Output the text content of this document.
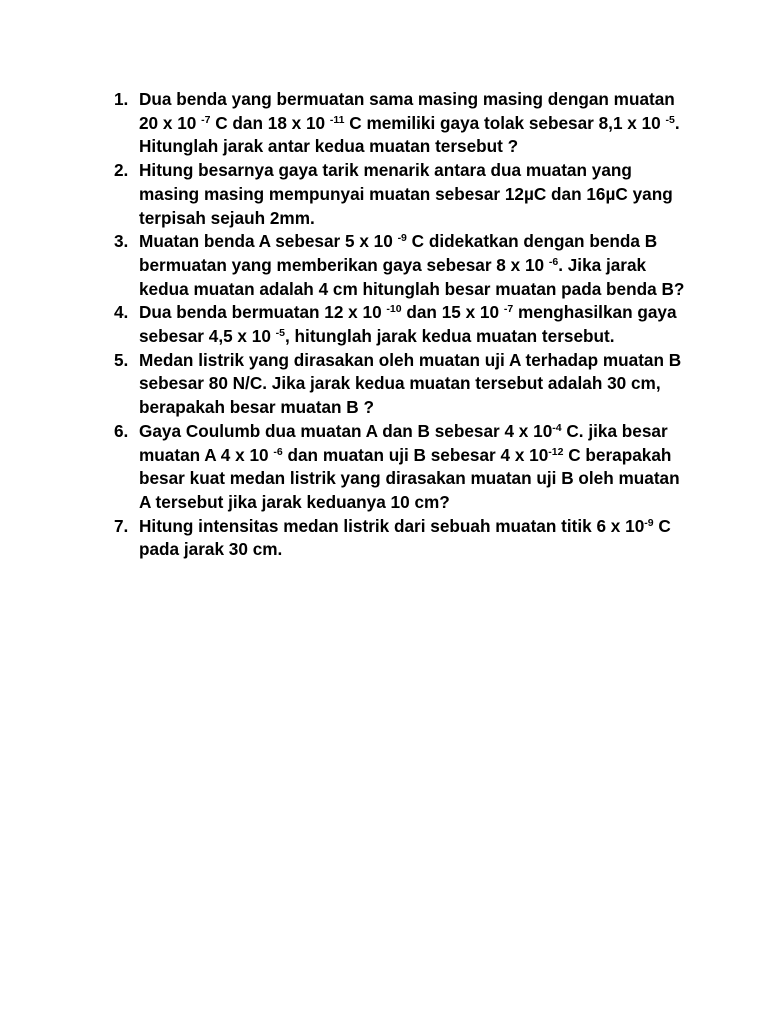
1. Dua benda yang bermuatan sama masing masing dengan muatan 20 x 10 $^{-7}$ C dan 18 x 10 $^{-11}$ C memiliki gaya tolak sebesar 8,1 x 10 $^{-5}$. Hitunglah jarak antar kedua muatan tersebut ?
2. Hitung besarnya gaya tarik menarik antara dua muatan yang masing masing mempunyai muatan sebesar 12µC dan 16µC yang terpisah sejauh 2mm.
3. Muatan benda A sebesar 5 x 10 $^{-9}$ C didekatkan dengan benda B bermuatan yang memberikan gaya sebesar 8 x 10 $^{-6}$. Jika jarak kedua muatan adalah 4 cm hitunglah besar muatan pada benda B?
4. Dua benda bermuatan 12 x 10 $^{-10}$ dan 15 x 10 $^{-7}$ menghasilkan gaya sebesar 4,5 x 10 $^{-5}$, hitunglah jarak kedua muatan tersebut.
5. Medan listrik yang dirasakan oleh muatan uji A terhadap muatan B sebesar 80 N/C. Jika jarak kedua muatan tersebut adalah 30 cm, berapakah besar muatan B ?
6. Gaya Coulumb dua muatan A dan B sebesar 4 x $10^{-4}$ C. jika besar muatan A 4 x 10 $^{-6}$ dan muatan uji B sebesar 4 x $10^{-12}$ C berapakah besar kuat medan listrik yang dirasakan muatan uji B oleh muatan A tersebut jika jarak keduanya 10 cm?
7. Hitung intensitas medan listrik dari sebuah muatan titik 6 x $10^{-9}$ C pada jarak 30 cm.
